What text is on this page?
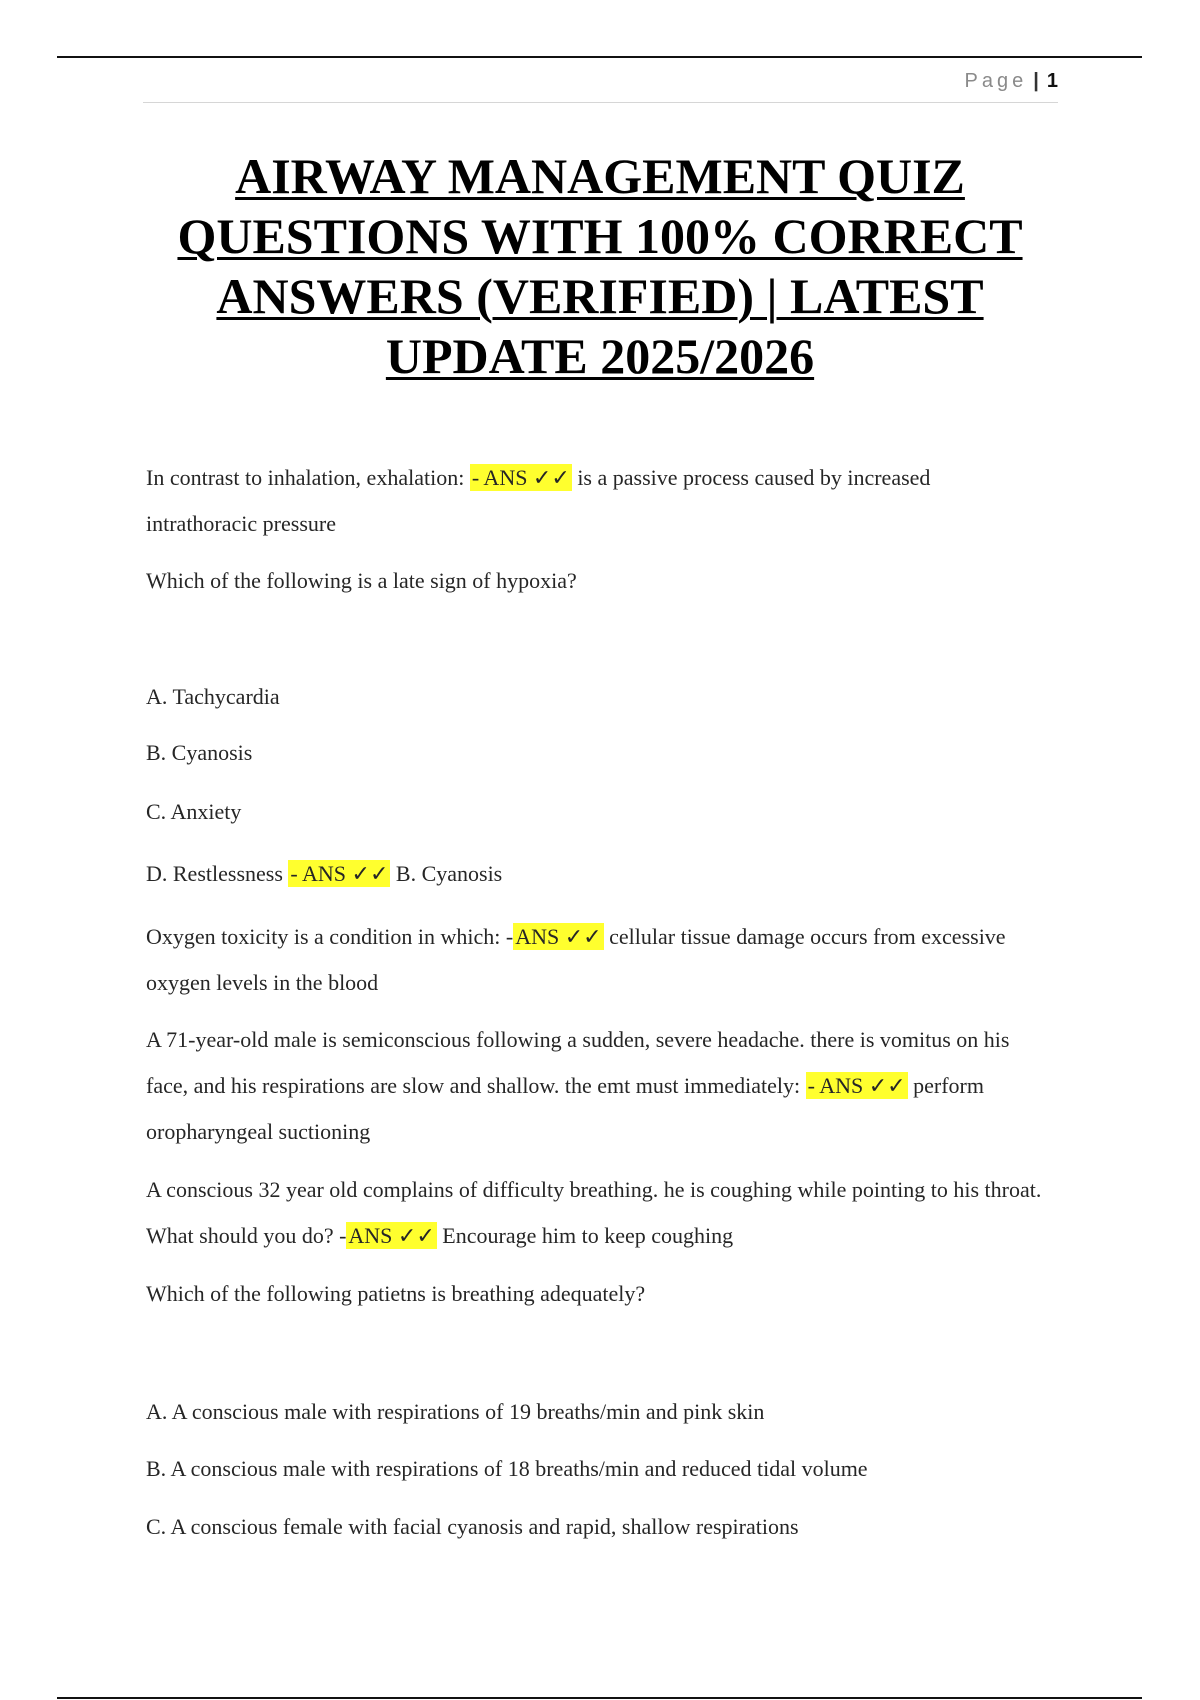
Page | 1
AIRWAY MANAGEMENT QUIZ
QUESTIONS WITH 100% CORRECT
ANSWERS (VERIFIED) | LATEST
UPDATE 2025/2026

In contrast to inhalation, exhalation: - ANS ✓✓ is a passive process caused by increased intrathoracic pressure

Which of the following is a late sign of hypoxia?

A. Tachycardia

B. Cyanosis

C. Anxiety

D. Restlessness - ANS ✓✓ B. Cyanosis

Oxygen toxicity is a condition in which: -ANS ✓✓ cellular tissue damage occurs from excessive oxygen levels in the blood

A 71-year-old male is semiconscious following a sudden, severe headache. there is vomitus on his face, and his respirations are slow and shallow. the emt must immediately: - ANS ✓✓ perform oropharyngeal suctioning

A conscious 32 year old complains of difficulty breathing. he is coughing while pointing to his throat. What should you do? -ANS ✓✓ Encourage him to keep coughing

Which of the following patietns is breathing adequately?

A. A conscious male with respirations of 19 breaths/min and pink skin

B. A conscious male with respirations of 18 breaths/min and reduced tidal volume

C. A conscious female with facial cyanosis and rapid, shallow respirations
